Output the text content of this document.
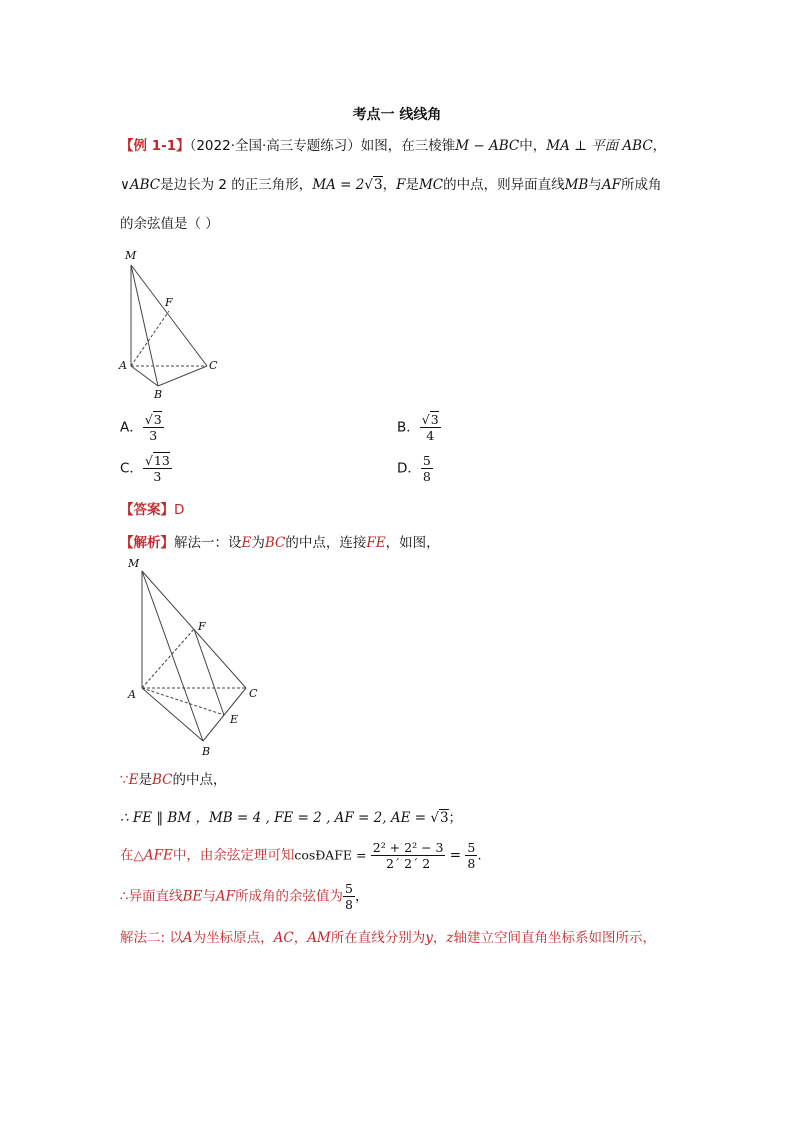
考点一 线线角
【例 1-1】（2022·全国·高三专题练习）如图，在三棱锥M − ABC中，MA ⊥ 平面 ABC，
∨ABC是边长为 2 的正三角形，MA = 2√3，F是MC的中点，则异面直线MB与AF所成角
的余弦值是（ ）
M
F
A	C
B
A． $\frac{√3}{3}$	B． $\frac{√3}{4}$
C． $\frac{√13}{3}$	D． $\frac{5}{8}$
【答案】D
【解析】解法一：设E为BC的中点，连接FE，如图，
M
F
A	C
E
B
∵E是BC的中点，
∴ FE ‖ BM ，MB = 4 , FE = 2 , AF = 2, AE = √3；
在△AFE中，由余弦定理可知cosÐAFE = $\frac{\text{2² + 2² − 3}}{2´ 2´ 2} = \frac{5}{8}$ .
∴异面直线BE与AF所成角的余弦值为 $\frac{5}{8}$ ，
解法二: 以A为坐标原点，AC，AM所在直线分别为y，z轴建立空间直角坐标系如图所示，
